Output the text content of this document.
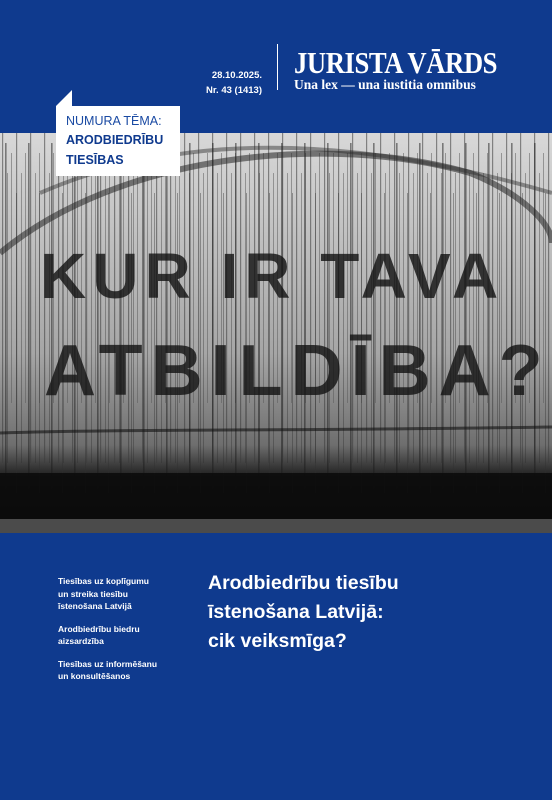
28.10.2025.
Nr. 43 (1413)
JURISTA VĀRDS
Una lex — una iustitia omnibus
KUR IR TAVA
ATBILDĪBA?
NUMURA TĒMA:
ARODBIEDRĪBU TIESĪBAS
Tiesības uz koplīgumu
un streika tiesību
īstenošana Latvijā
Arodbiedrību biedru
aizsardzība
Tiesības uz informēšanu
un konsultēšanos
Arodbiedrību tiesību
īstenošana Latvijā:
cik veiksmīga?
